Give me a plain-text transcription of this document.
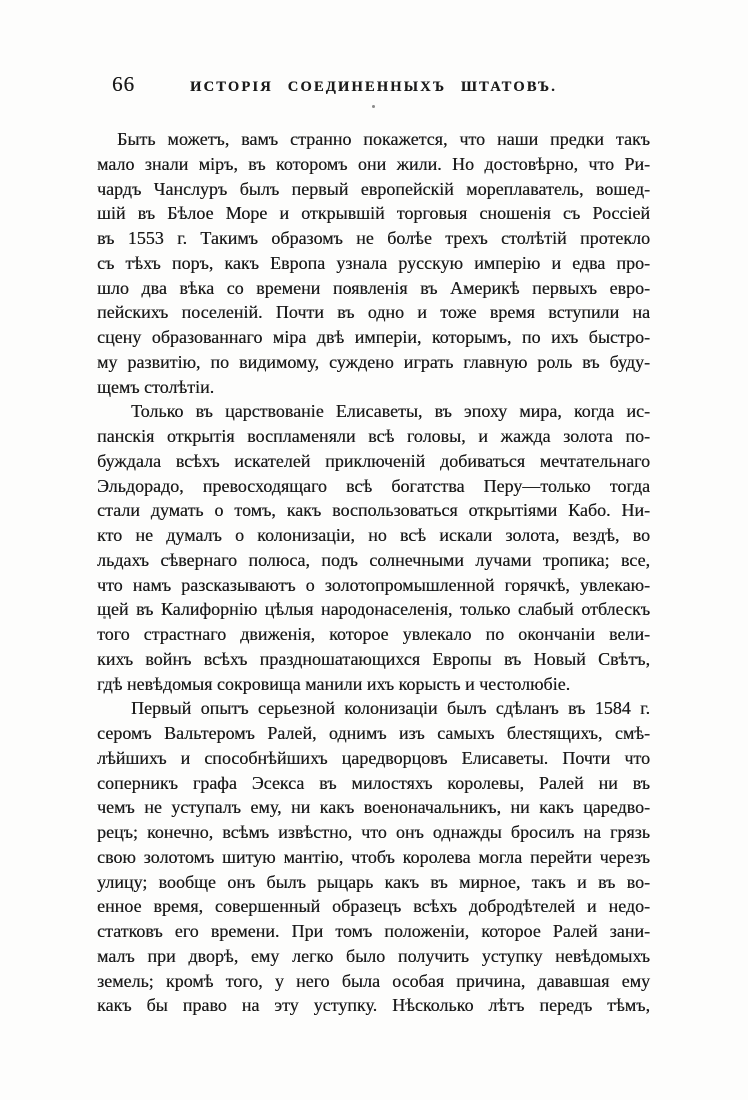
66	ИСТОРІЯ СОЕДИНЕННЫХЪ ШТАТОВЪ.
Быть можетъ, вамъ странно покажется, что наши предки такъ
мало знали міръ, въ которомъ они жили. Но достовѣрно, что Ри-
чардъ Чанслуръ былъ первый европейскій мореплаватель, вошед-
шій въ Бѣлое Море и открывшій торговыя сношенія съ Россіей
въ 1553 г. Такимъ образомъ не болѣе трехъ столѣтій протекло
съ тѣхъ поръ, какъ Европа узнала русскую имперію и едва про-
шло два вѣка со времени появленія въ Америкѣ первыхъ евро-
пейскихъ поселеній. Почти въ одно и тоже время вступили на
сцену образованнаго міра двѣ имперіи, которымъ, по ихъ быстро-
му развитію, по видимому, суждено играть главную роль въ буду-
щемъ столѣтіи.
Только въ царствованіе Елисаветы, въ эпоху мира, когда ис-
панскія открытія воспламеняли всѣ головы, и жажда золота по-
буждала всѣхъ искателей приключеній добиваться мечтательнаго
Эльдорадо, превосходящаго всѣ богатства Перу—только тогда
стали думать о томъ, какъ воспользоваться открытіями Кабо. Ни-
кто не думалъ о колонизаціи, но всѣ искали золота, вездѣ, во
льдахъ сѣвернаго полюса, подъ солнечными лучами тропика; все,
что намъ разсказываютъ о золотопромышленной горячкѣ, увлекаю-
щей въ Калифорнію цѣлыя народонаселенія, только слабый отблескъ
того страстнаго движенія, которое увлекало по окончаніи вели-
кихъ войнъ всѣхъ праздношатающихся Европы въ Новый Свѣтъ,
гдѣ невѣдомыя сокровища манили ихъ корысть и честолюбіе.
Первый опытъ серьезной колонизаціи былъ сдѣланъ въ 1584 г.
серомъ Вальтеромъ Ралей, однимъ изъ самыхъ блестящихъ, смѣ-
лѣйшихъ и способнѣйшихъ царедворцовъ Елисаветы. Почти что
соперникъ графа Эсекса въ милостяхъ королевы, Ралей ни въ
чемъ не уступалъ ему, ни какъ военоначальникъ, ни какъ царедво-
рецъ; конечно, всѣмъ извѣстно, что онъ однажды бросилъ на грязь
свою золотомъ шитую мантію, чтобъ королева могла перейти черезъ
улицу; вообще онъ былъ рыцарь какъ въ мирное, такъ и въ во-
енное время, совершенный образецъ всѣхъ добродѣтелей и недо-
статковъ его времени. При томъ положеніи, которое Ралей зани-
малъ при дворѣ, ему легко было получить уступку невѣдомыхъ
земель; кромѣ того, у него была особая причина, дававшая ему
какъ бы право на эту уступку. Нѣсколько лѣтъ передъ тѣмъ,
